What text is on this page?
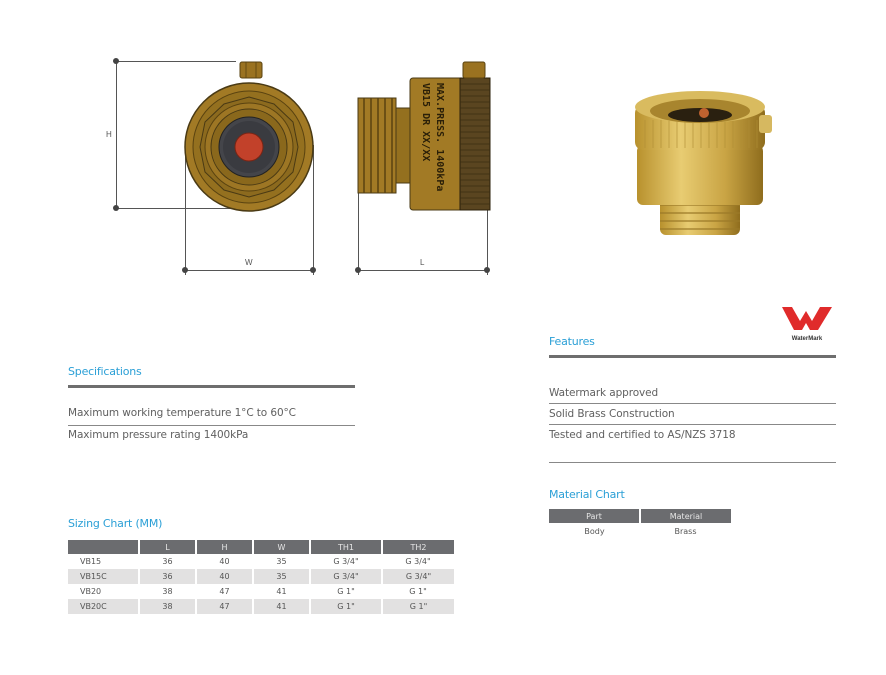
H
W	L
VB15 DR XX/XX MAX.PRESS. 1400kPa
WaterMark
Specifications
Maximum working temperature 1°C to 60°C
Maximum pressure rating 1400kPa
Features
Watermark approved
Solid Brass Construction
Tested and certified to AS/NZS 3718
Material Chart
Part	Material
Body	Brass
Sizing Chart (MM)
	L	H	W	TH1	TH2
VB15	36	40	35	G 3/4"	G 3/4"
VB15C	36	40	35	G 3/4"	G 3/4"
VB20	38	47	41	G 1"	G 1"
VB20C	38	47	41	G 1"	G 1"
